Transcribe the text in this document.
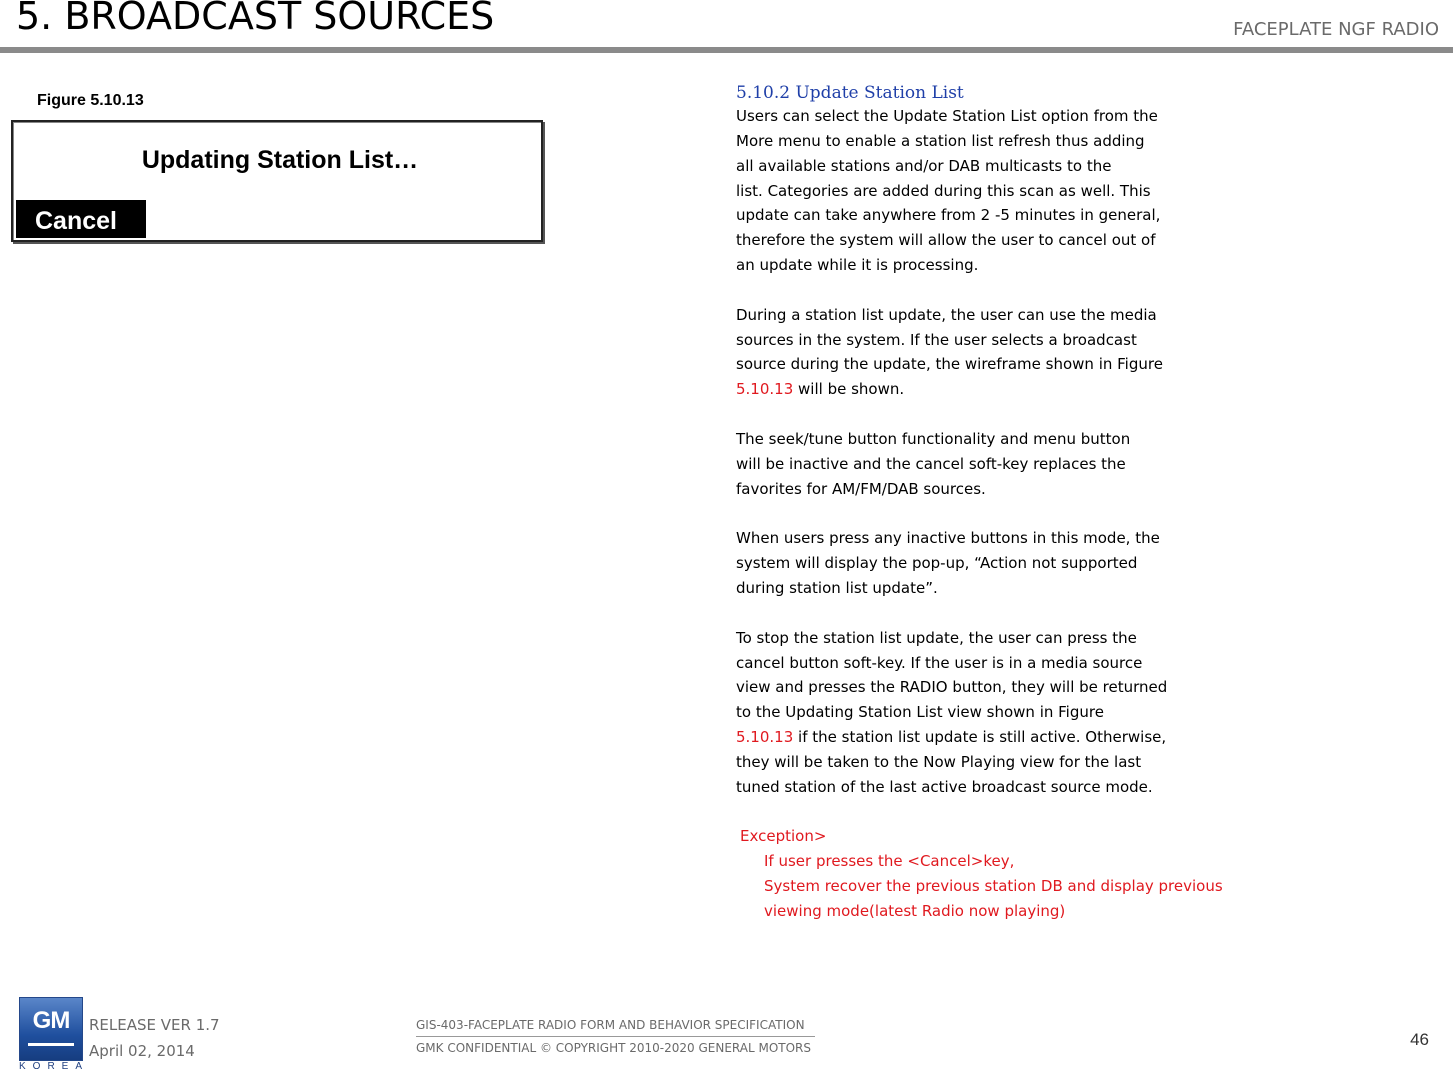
5. BROADCAST SOURCES	FACEPLATE NGF RADIO
Figure 5.10.13
Updating Station List…
Cancel
5.10.2 Update Station List

Users can select the Update Station List option from the
More menu to enable a station list refresh thus adding
all available stations and/or DAB multicasts to the
list. Categories are added during this scan as well. This
update can take anywhere from 2 -5 minutes in general,
therefore the system will allow the user to cancel out of
an update while it is processing.

During a station list update, the user can use the media
sources in the system. If the user selects a broadcast
source during the update, the wireframe shown in Figure
5.10.13 will be shown.

The seek/tune button functionality and menu button
will be inactive and the cancel soft-key replaces the
favorites for AM/FM/DAB sources.

When users press any inactive buttons in this mode, the
system will display the pop-up, “Action not supported
during station list update”.

To stop the station list update, the user can press the
cancel button soft-key. If the user is in a media source
view and presses the RADIO button, they will be returned
to the Updating Station List view shown in Figure
5.10.13 if the station list update is still active. Otherwise,
they will be taken to the Now Playing view for the last
tuned station of the last active broadcast source mode.

Exception>
If user presses the <Cancel>key,
System recover the previous station DB and display previous
viewing mode(latest Radio now playing)
GM
KOREA
RELEASE VER 1.7
April 02, 2014
GIS-403-FACEPLATE RADIO FORM AND BEHAVIOR SPECIFICATION
GMK CONFIDENTIAL © COPYRIGHT 2010-2020 GENERAL MOTORS	46
